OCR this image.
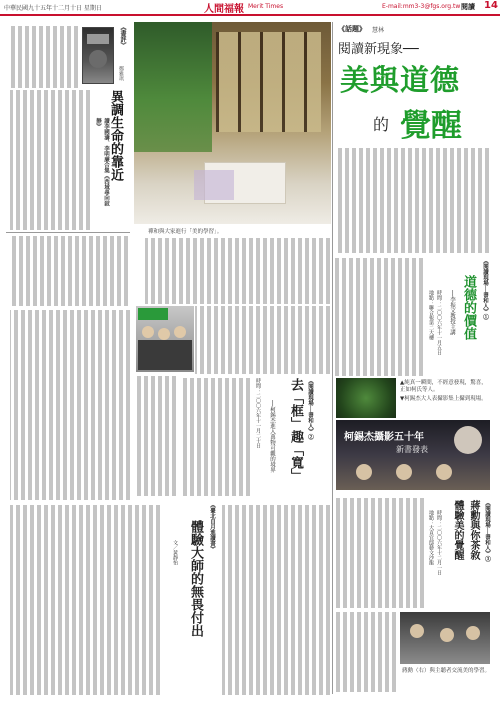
中華民國九十五年十二月十日 星期日	人間福報 Merit Times	E-mail:mm3-3@fgs.org.tw 閱讀 14
《書評》
鄭雅琪
異調生命的靠近
讀李國濤、李明廉合集《西域尋向寂靜》
禪和與大家進行「美的學習」。
《話題》 慧林
閱讀新現象──
美與道德
的 覺醒
《閱讀現場──書和人》①
道德的價值
──李振文教授主講
時間：二〇〇六年十一月五日
地點：聯合報第二大樓
《閱讀現場──書和人》②
去「框」
趣「寬」
──柯錫杰進入萬物可觀的境界
時間：二〇〇六年十一月二十日	▲純真一瞬間，不經意發現，驚喜，正如柯氏等人。
▼柯錫杰大人表攝影集上攝到現場。
柯錫杰攝影五十年
新書發表
《閱讀現場──書和人》③
蔣勳與你茶敘
體驗美的覺醒
時間：二〇〇六年十二月一日
地點：大直官邸藝文沙龍
蔣勳（右）與主聽者交流美的學習。
《臺北自月進讀書》
體驗大師的無畏付出
文／黃靜怡
